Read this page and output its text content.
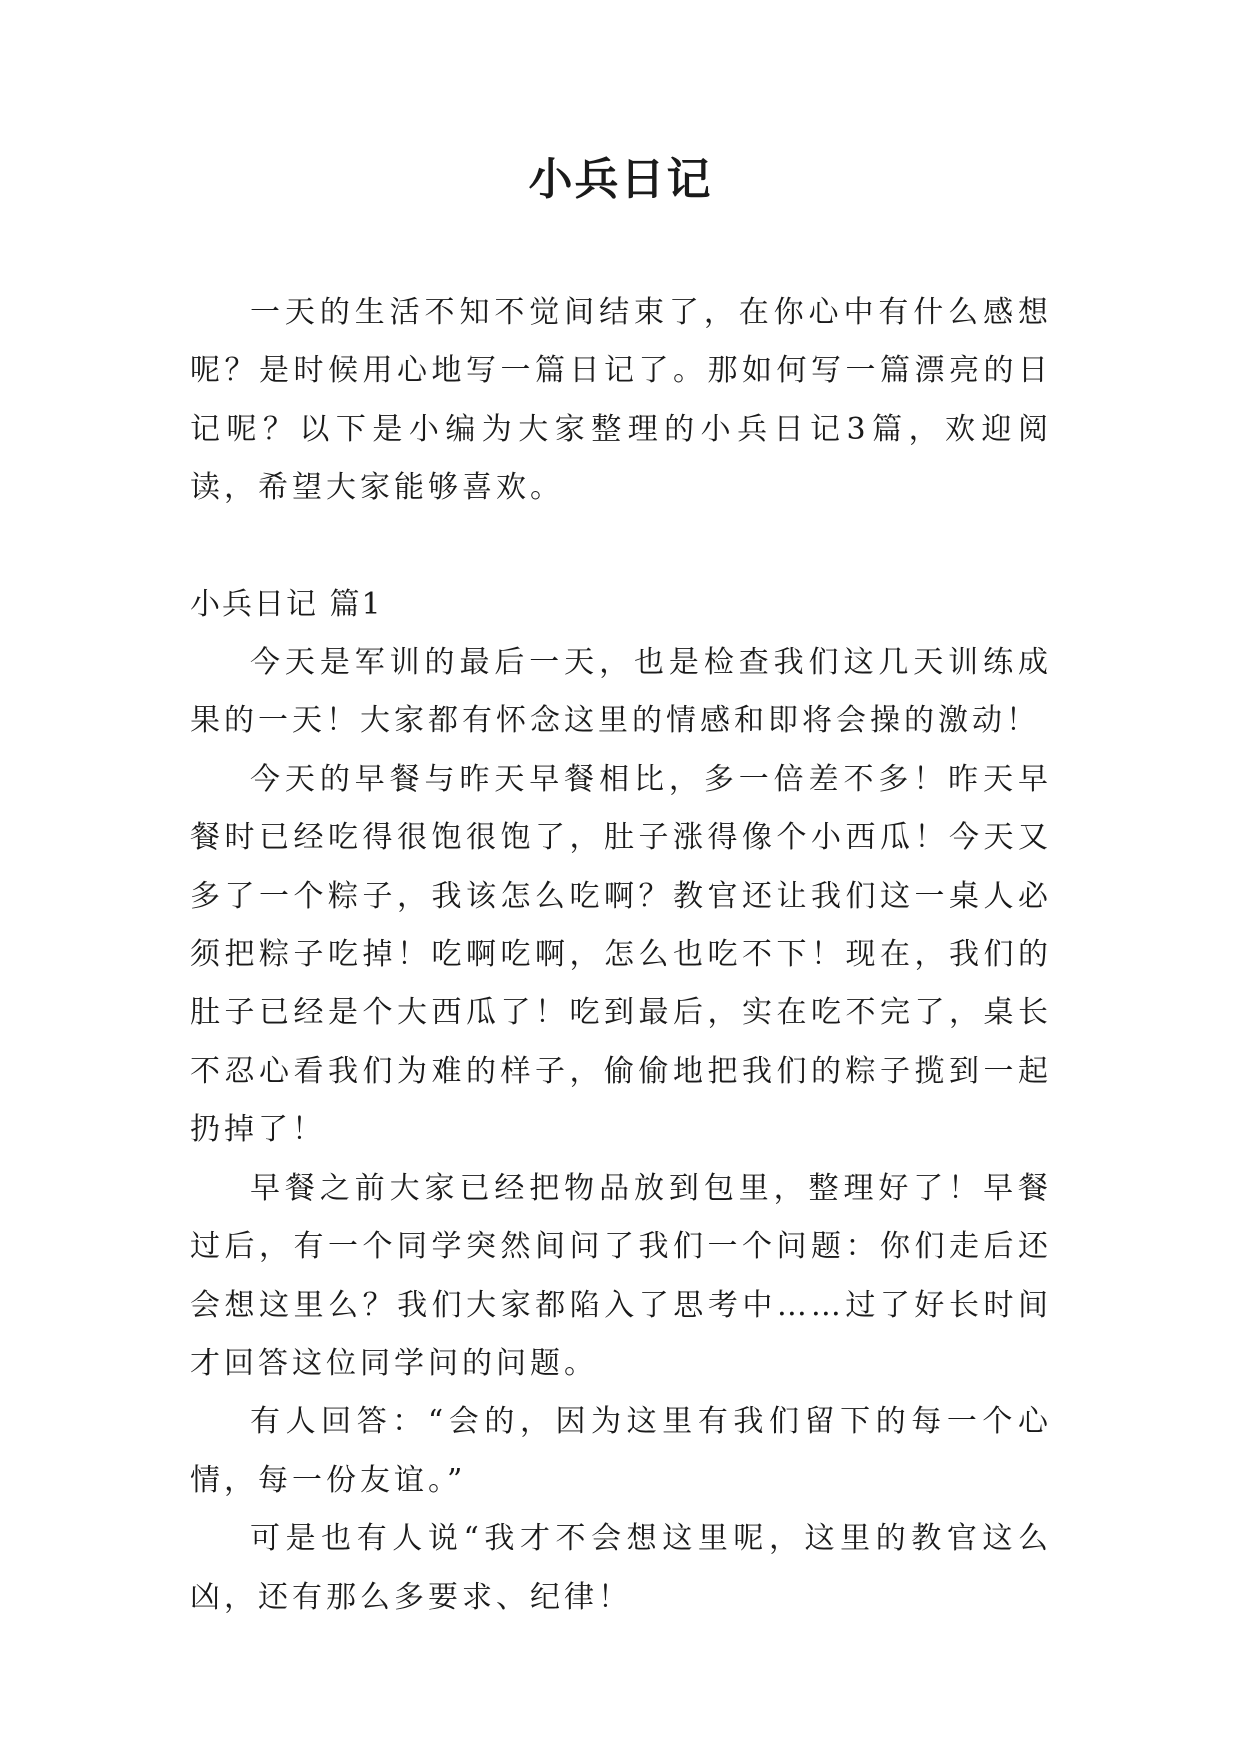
小兵日记

一天的生活不知不觉间结束了，在你心中有什么感想呢？是时候用心地写一篇日记了。那如何写一篇漂亮的日记呢？以下是小编为大家整理的小兵日记3篇，欢迎阅读，希望大家能够喜欢。

小兵日记 篇1

今天是军训的最后一天，也是检查我们这几天训练成果的一天！大家都有怀念这里的情感和即将会操的激动！

今天的早餐与昨天早餐相比，多一倍差不多！昨天早餐时已经吃得很饱很饱了，肚子涨得像个小西瓜！今天又多了一个粽子，我该怎么吃啊？教官还让我们这一桌人必须把粽子吃掉！吃啊吃啊，怎么也吃不下！现在，我们的肚子已经是个大西瓜了！吃到最后，实在吃不完了，桌长不忍心看我们为难的样子，偷偷地把我们的粽子揽到一起扔掉了！

早餐之前大家已经把物品放到包里，整理好了！早餐过后，有一个同学突然间问了我们一个问题：你们走后还会想这里么？我们大家都陷入了思考中……过了好长时间才回答这位同学问的问题。

有人回答：“会的，因为这里有我们留下的每一个心情，每一份友谊。”

可是也有人说“我才不会想这里呢，这里的教官这么凶，还有那么多要求、纪律！
